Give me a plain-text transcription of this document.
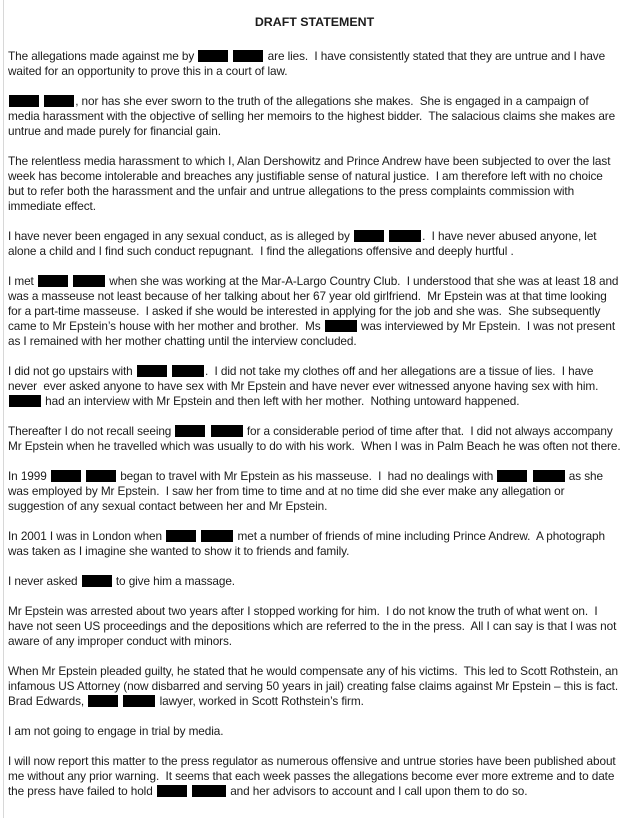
DRAFT STATEMENT

The allegations made against me by	are lies.  I have consistently stated that they are untrue and I have waited for an opportunity to prove this in a court of law.

, nor has she ever sworn to the truth of the allegations she makes.  She is engaged in a campaign of media harassment with the objective of selling her memoirs to the highest bidder.  The salacious claims she makes are untrue and made purely for financial gain.

The relentless media harassment to which I, Alan Dershowitz and Prince Andrew have been subjected to over the last week has become intolerable and breaches any justifiable sense of natural justice.  I am therefore left with no choice but to refer both the harassment and the unfair and untrue allegations to the press complaints commission with immediate effect.

I have never been engaged in any sexual conduct, as is alleged by	.  I have never abused anyone, let alone a child and I find such conduct repugnant.  I find the allegations offensive and deeply hurtful .

I met	when she was working at the Mar-A-Largo Country Club.  I understood that she was at least 18 and was a masseuse not least because of her talking about her 67 year old girlfriend.  Mr Epstein was at that time looking for a part-time masseuse.  I asked if she would be interested in applying for the job and she was.  She subsequently came to Mr Epstein’s house with her mother and brother.  Ms	was interviewed by Mr Epstein.  I was not present as I remained with her mother chatting until the interview concluded.

I did not go upstairs with	.  I did not take my clothes off and her allegations are a tissue of lies.  I have never  ever asked anyone to have sex with Mr Epstein and have never ever witnessed anyone having sex with him.  had an interview with Mr Epstein and then left with her mother.  Nothing untoward happened.

Thereafter I do not recall seeing	for a considerable period of time after that.  I did not always accompany Mr Epstein when he travelled which was usually to do with his work.  When I was in Palm Beach he was often not there.

In 1999	began to travel with Mr Epstein as his masseuse.  I  had no dealings with	as she was employed by Mr Epstein.  I saw her from time to time and at no time did she ever make any allegation or suggestion of any sexual contact between her and Mr Epstein.

In 2001 I was in London when	met a number of friends of mine including Prince Andrew.  A photograph was taken as I imagine she wanted to show it to friends and family.

I never asked	to give him a massage.

Mr Epstein was arrested about two years after I stopped working for him.  I do not know the truth of what went on.  I have not seen US proceedings and the depositions which are referred to the in the press.  All I can say is that I was not aware of any improper conduct with minors.

When Mr Epstein pleaded guilty, he stated that he would compensate any of his victims.  This led to Scott Rothstein, an infamous US Attorney (now disbarred and serving 50 years in jail) creating false claims against Mr Epstein – this is fact.  Brad Edwards,	lawyer, worked in Scott Rothstein’s firm.

I am not going to engage in trial by media.

I will now report this matter to the press regulator as numerous offensive and untrue stories have been published about me without any prior warning.  It seems that each week passes the allegations become ever more extreme and to date the press have failed to hold	and her advisors to account and I call upon them to do so.
